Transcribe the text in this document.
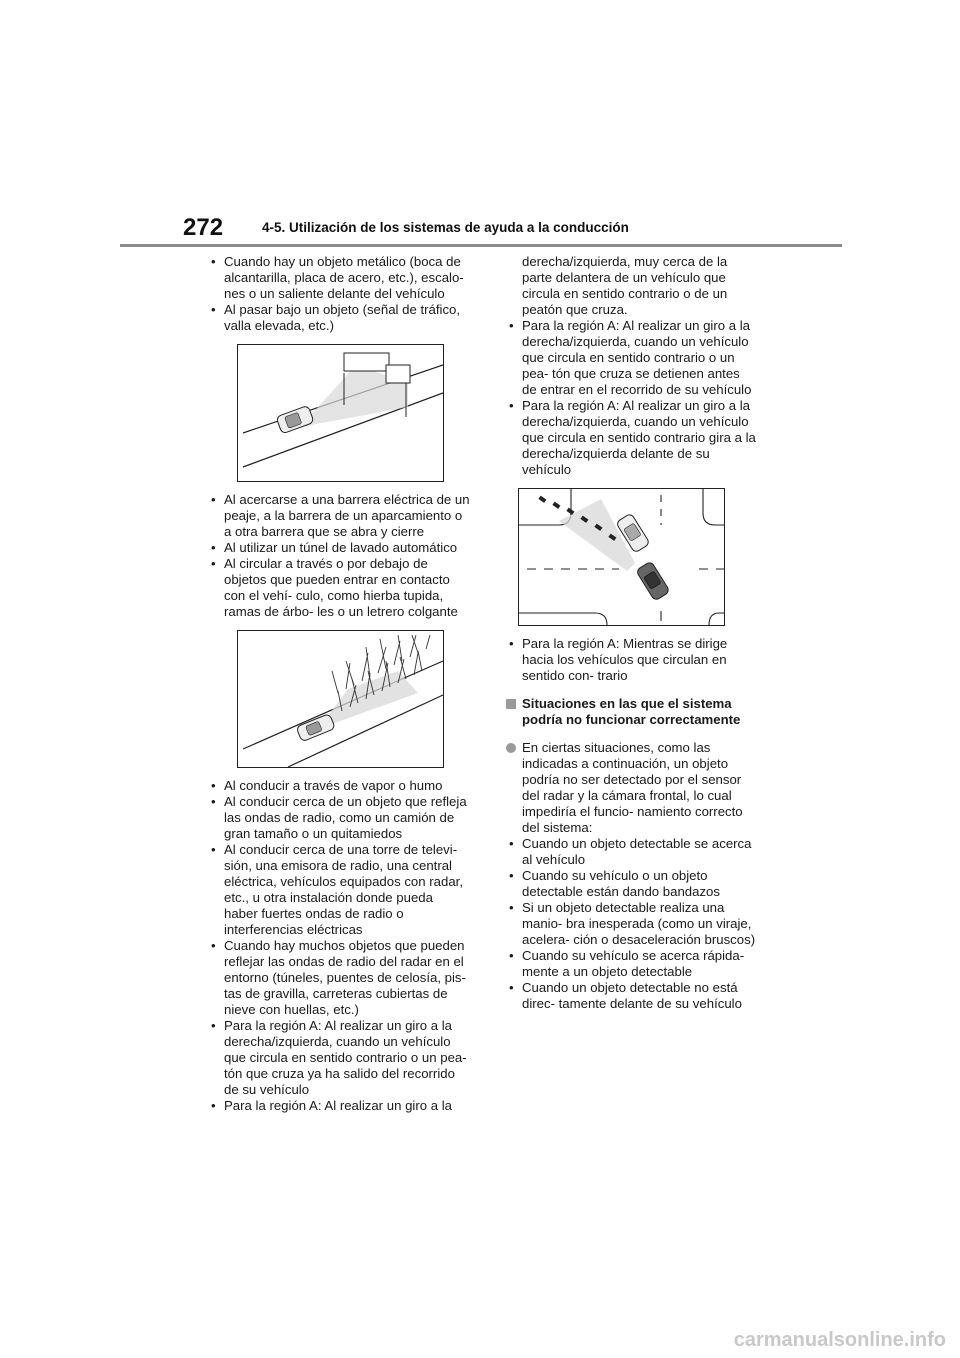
272	4-5. Utilización de los sistemas de ayuda a la conducción
• Cuando hay un objeto metálico (boca de alcantarilla, placa de acero, etc.), escalo- nes o un saliente delante del vehículo
• Al pasar bajo un objeto (señal de tráfico, valla elevada, etc.)
• Al acercarse a una barrera eléctrica de un peaje, a la barrera de un aparcamiento o a otra barrera que se abra y cierre
• Al utilizar un túnel de lavado automático
• Al circular a través o por debajo de objetos que pueden entrar en contacto con el vehí- culo, como hierba tupida, ramas de árbo- les o un letrero colgante
• Al conducir a través de vapor o humo
• Al conducir cerca de un objeto que refleja las ondas de radio, como un camión de gran tamaño o un quitamiedos
• Al conducir cerca de una torre de televi- sión, una emisora de radio, una central eléctrica, vehículos equipados con radar, etc., u otra instalación donde pueda haber fuertes ondas de radio o interferencias eléctricas
• Cuando hay muchos objetos que pueden reflejar las ondas de radio del radar en el entorno (túneles, puentes de celosía, pis- tas de gravilla, carreteras cubiertas de nieve con huellas, etc.)
• Para la región A: Al realizar un giro a la derecha/izquierda, cuando un vehículo que circula en sentido contrario o un pea- tón que cruza ya ha salido del recorrido de su vehículo
• Para la región A: Al realizar un giro a la
derecha/izquierda, muy cerca de la parte delantera de un vehículo que circula en sentido contrario o de un peatón que cruza.
• Para la región A: Al realizar un giro a la derecha/izquierda, cuando un vehículo que circula en sentido contrario o un pea- tón que cruza se detienen antes de entrar en el recorrido de su vehículo
• Para la región A: Al realizar un giro a la derecha/izquierda, cuando un vehículo que circula en sentido contrario gira a la derecha/izquierda delante de su vehículo
• Para la región A: Mientras se dirige hacia los vehículos que circulan en sentido con- trario
Situaciones en las que el sistema podría no funcionar correctamente
En ciertas situaciones, como las indicadas a continuación, un objeto podría no ser detectado por el sensor del radar y la cámara frontal, lo cual impediría el funcio- namiento correcto del sistema:
• Cuando un objeto detectable se acerca al vehículo
• Cuando su vehículo o un objeto detectable están dando bandazos
• Si un objeto detectable realiza una manio- bra inesperada (como un viraje, acelera- ción o desaceleración bruscos)
• Cuando su vehículo se acerca rápida- mente a un objeto detectable
• Cuando un objeto detectable no está direc- tamente delante de su vehículo
carmanualsonline.info
